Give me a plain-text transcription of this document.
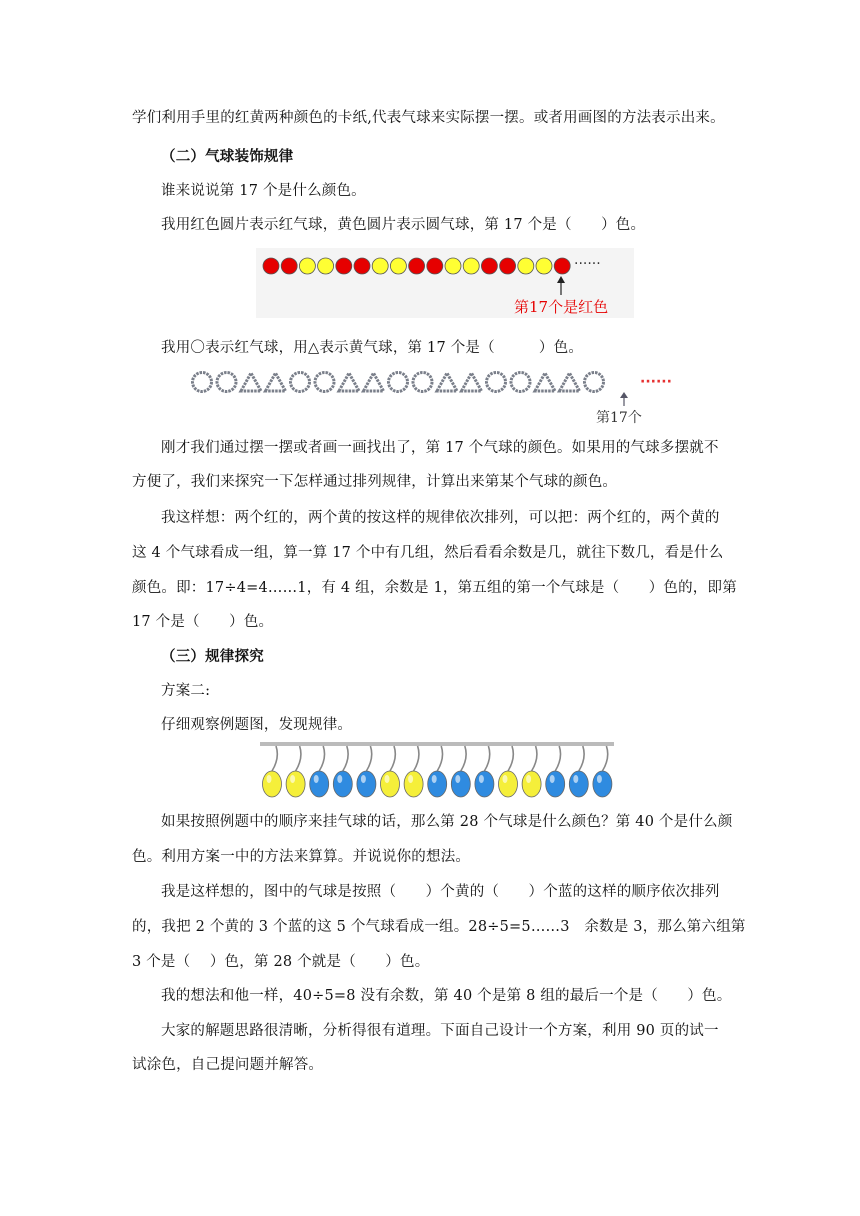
学们利用手里的红黄两种颜色的卡纸,代表气球来实际摆一摆。或者用画图的方法表示出来。
（二）气球装饰规律
谁来说说第 17 个是什么颜色。
我用红色圆片表示红气球，黄色圆片表示圆气球，第 17 个是（　　）色。
······
第17个是红色
我用〇表示红气球，用△表示黄气球，第 17 个是（　　　）色。
······
第17个
刚才我们通过摆一摆或者画一画找出了，第 17 个气球的颜色。如果用的气球多摆就不
方便了，我们来探究一下怎样通过排列规律，计算出来第某个气球的颜色。
我这样想：两个红的，两个黄的按这样的规律依次排列，可以把：两个红的，两个黄的
这 4 个气球看成一组，算一算 17 个中有几组，然后看看余数是几，就往下数几，看是什么
颜色。即：17÷4=4……1，有 4 组，余数是 1，第五组的第一个气球是（　　）色的，即第
17 个是（　　）色。
（三）规律探究
方案二:
仔细观察例题图，发现规律。
如果按照例题中的顺序来挂气球的话，那么第 28 个气球是什么颜色？第 40 个是什么颜
色。利用方案一中的方法来算算。并说说你的想法。
我是这样想的，图中的气球是按照（　　）个黄的（　　）个蓝的这样的顺序依次排列
的，我把 2 个黄的 3 个蓝的这 5 个气球看成一组。28÷5=5……3　余数是 3，那么第六组第
3 个是（　 ）色，第 28 个就是（　　）色。
我的想法和他一样，40÷5=8 没有余数，第 40 个是第 8 组的最后一个是（　　）色。
大家的解题思路很清晰，分析得很有道理。下面自己设计一个方案，利用 90 页的试一
试涂色，自己提问题并解答。
